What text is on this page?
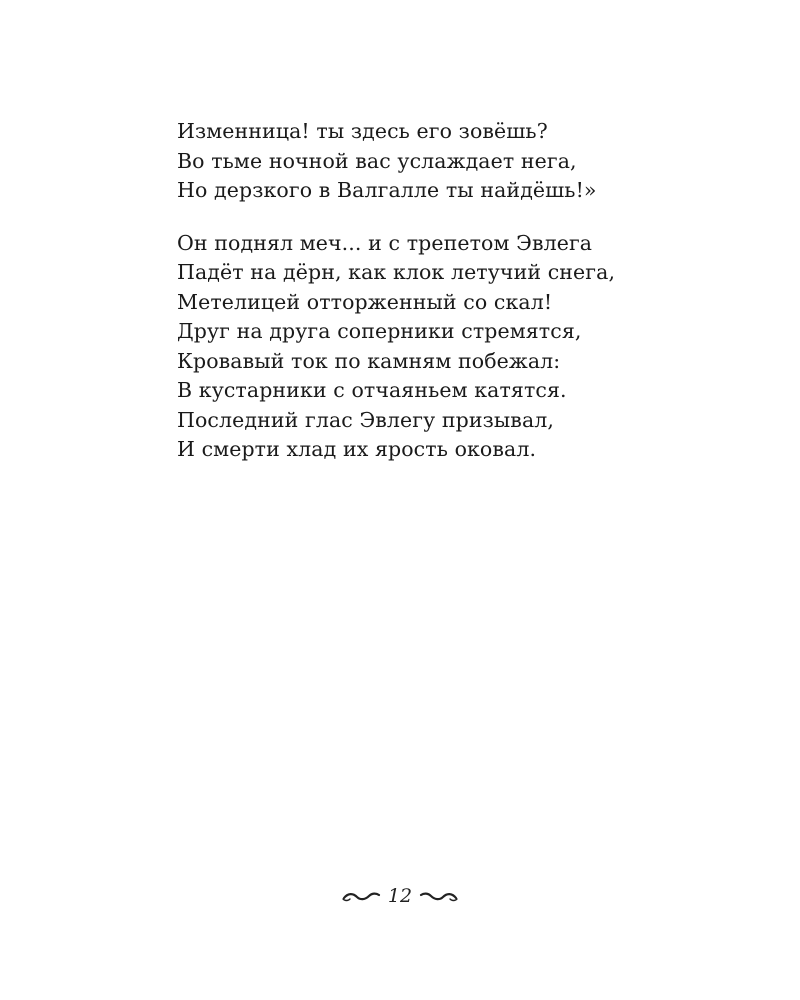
Изменница! ты здесь его зовёшь?
Во тьме ночной вас услаждает нега,
Но дерзкого в Валгалле ты найдёшь!»
Он поднял меч... и с трепетом Эвлега
Падёт на дёрн, как клок летучий снега,
Метелицей отторженный со скал!
Друг на друга соперники стремятся,
Кровавый ток по камням побежал:
В кустарники с отчаяньем катятся.
Последний глас Эвлегу призывал,
И смерти хлад их ярость оковал.
12
